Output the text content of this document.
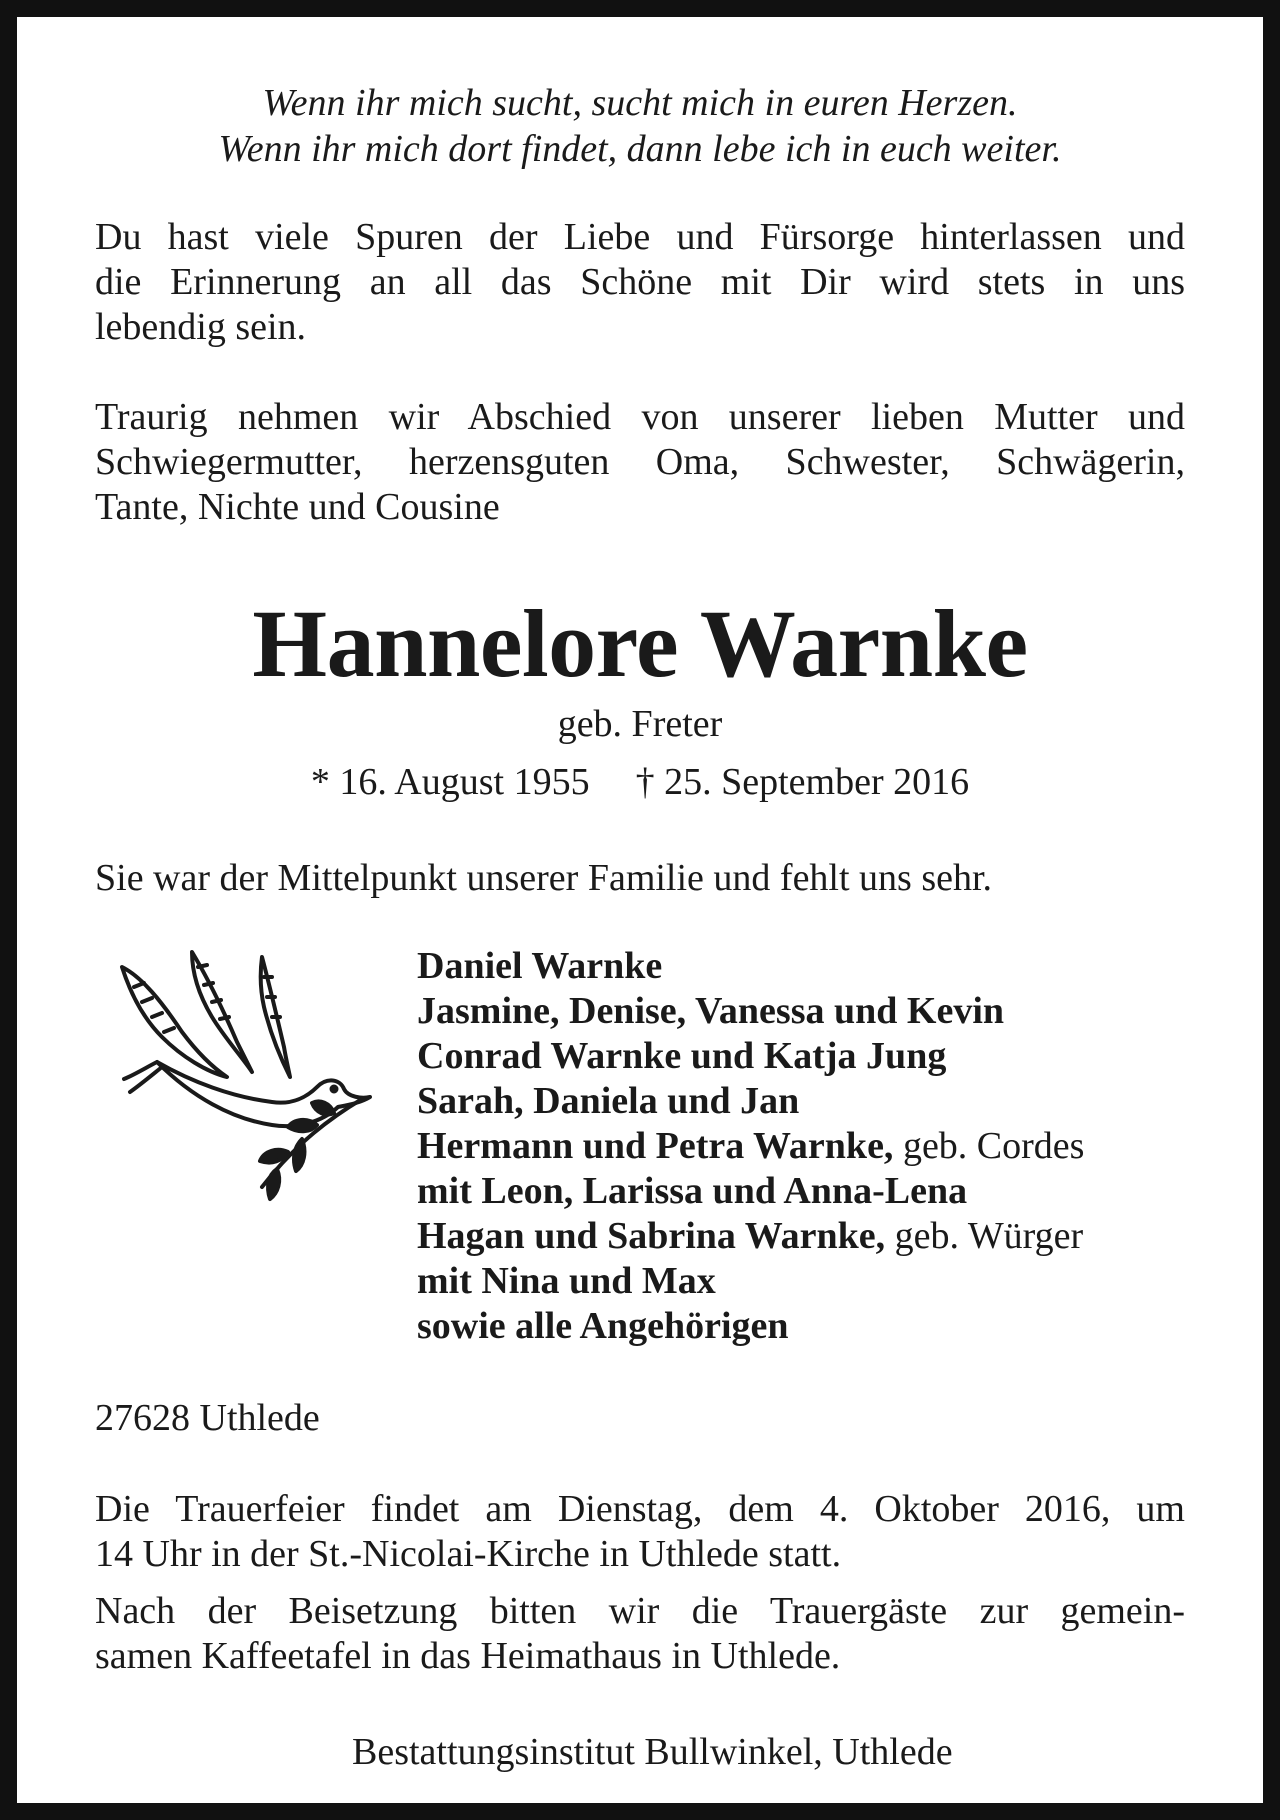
Wenn ihr mich sucht, sucht mich in euren Herzen.
Wenn ihr mich dort findet, dann lebe ich in euch weiter.
Du hast viele Spuren der Liebe und Fürsorge hinterlassen und
die Erinnerung an all das Schöne mit Dir wird stets in uns
lebendig sein.
Traurig nehmen wir Abschied von unserer lieben Mutter und
Schwiegermutter, herzensguten Oma, Schwester, Schwägerin,
Tante, Nichte und Cousine
Hannelore Warnke
geb. Freter
* 16. August 1955 † 25. September 2016
Sie war der Mittelpunkt unserer Familie und fehlt uns sehr.
27628 Uthlede
Die Trauerfeier findet am Dienstag, dem 4. Oktober 2016, um
14 Uhr in der St.-Nicolai-Kirche in Uthlede statt.
Nach der Beisetzung bitten wir die Trauergäste zur gemein-
samen Kaffeetafel in das Heimathaus in Uthlede.
Daniel Warnke
Jasmine, Denise, Vanessa und Kevin
Conrad Warnke und Katja Jung
Sarah, Daniela und Jan
Hermann und Petra Warnke, geb. Cordes
mit Leon, Larissa und Anna-Lena
Hagan und Sabrina Warnke, geb. Würger
mit Nina und Max
sowie alle Angehörigen
Bestattungsinstitut Bullwinkel, Uthlede
